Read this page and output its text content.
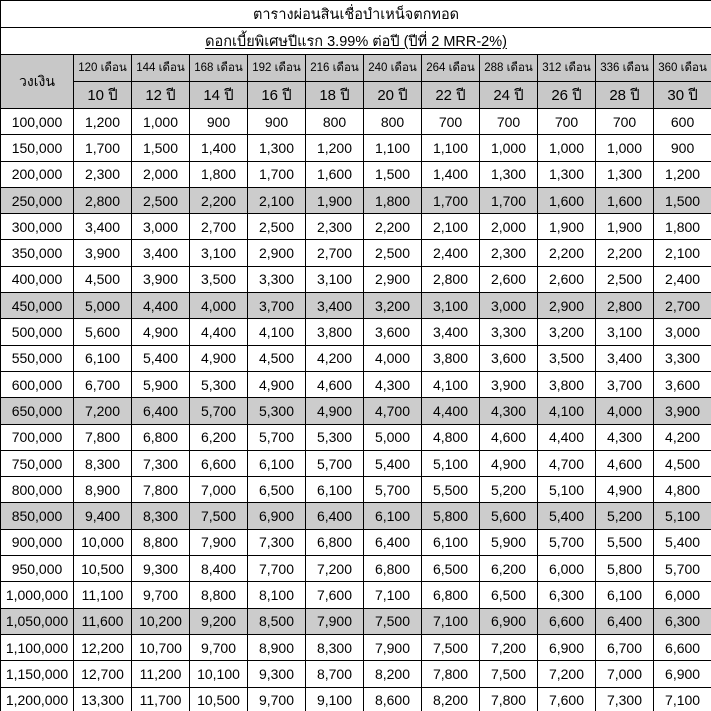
ตารางผ่อนสินเชื่อบำเหน็จตกทอด											
ดอกเบี้ยพิเศษปีแรก 3.99% ต่อปี (ปีที่ 2 MRR-2%)											
วงเงิน	120 เดือน	144 เดือน	168 เดือน	192 เดือน	216 เดือน	240 เดือน	264 เดือน	288 เดือน	312 เดือน	336 เดือน	360 เดือน
	10 ปี	12 ปี	14 ปี	16 ปี	18 ปี	20 ปี	22 ปี	24 ปี	26 ปี	28 ปี	30 ปี
100,000	1,200	1,000	900	900	800	800	700	700	700	700	600
150,000	1,700	1,500	1,400	1,300	1,200	1,100	1,100	1,000	1,000	1,000	900
200,000	2,300	2,000	1,800	1,700	1,600	1,500	1,400	1,300	1,300	1,300	1,200
250,000	2,800	2,500	2,200	2,100	1,900	1,800	1,700	1,700	1,600	1,600	1,500
300,000	3,400	3,000	2,700	2,500	2,300	2,200	2,100	2,000	1,900	1,900	1,800
350,000	3,900	3,400	3,100	2,900	2,700	2,500	2,400	2,300	2,200	2,200	2,100
400,000	4,500	3,900	3,500	3,300	3,100	2,900	2,800	2,600	2,600	2,500	2,400
450,000	5,000	4,400	4,000	3,700	3,400	3,200	3,100	3,000	2,900	2,800	2,700
500,000	5,600	4,900	4,400	4,100	3,800	3,600	3,400	3,300	3,200	3,100	3,000
550,000	6,100	5,400	4,900	4,500	4,200	4,000	3,800	3,600	3,500	3,400	3,300
600,000	6,700	5,900	5,300	4,900	4,600	4,300	4,100	3,900	3,800	3,700	3,600
650,000	7,200	6,400	5,700	5,300	4,900	4,700	4,400	4,300	4,100	4,000	3,900
700,000	7,800	6,800	6,200	5,700	5,300	5,000	4,800	4,600	4,400	4,300	4,200
750,000	8,300	7,300	6,600	6,100	5,700	5,400	5,100	4,900	4,700	4,600	4,500
800,000	8,900	7,800	7,000	6,500	6,100	5,700	5,500	5,200	5,100	4,900	4,800
850,000	9,400	8,300	7,500	6,900	6,400	6,100	5,800	5,600	5,400	5,200	5,100
900,000	10,000	8,800	7,900	7,300	6,800	6,400	6,100	5,900	5,700	5,500	5,400
950,000	10,500	9,300	8,400	7,700	7,200	6,800	6,500	6,200	6,000	5,800	5,700
1,000,000	11,100	9,700	8,800	8,100	7,600	7,100	6,800	6,500	6,300	6,100	6,000
1,050,000	11,600	10,200	9,200	8,500	7,900	7,500	7,100	6,900	6,600	6,400	6,300
1,100,000	12,200	10,700	9,700	8,900	8,300	7,900	7,500	7,200	6,900	6,700	6,600
1,150,000	12,700	11,200	10,100	9,300	8,700	8,200	7,800	7,500	7,200	7,000	6,900
1,200,000	13,300	11,700	10,500	9,700	9,100	8,600	8,200	7,800	7,600	7,300	7,100
